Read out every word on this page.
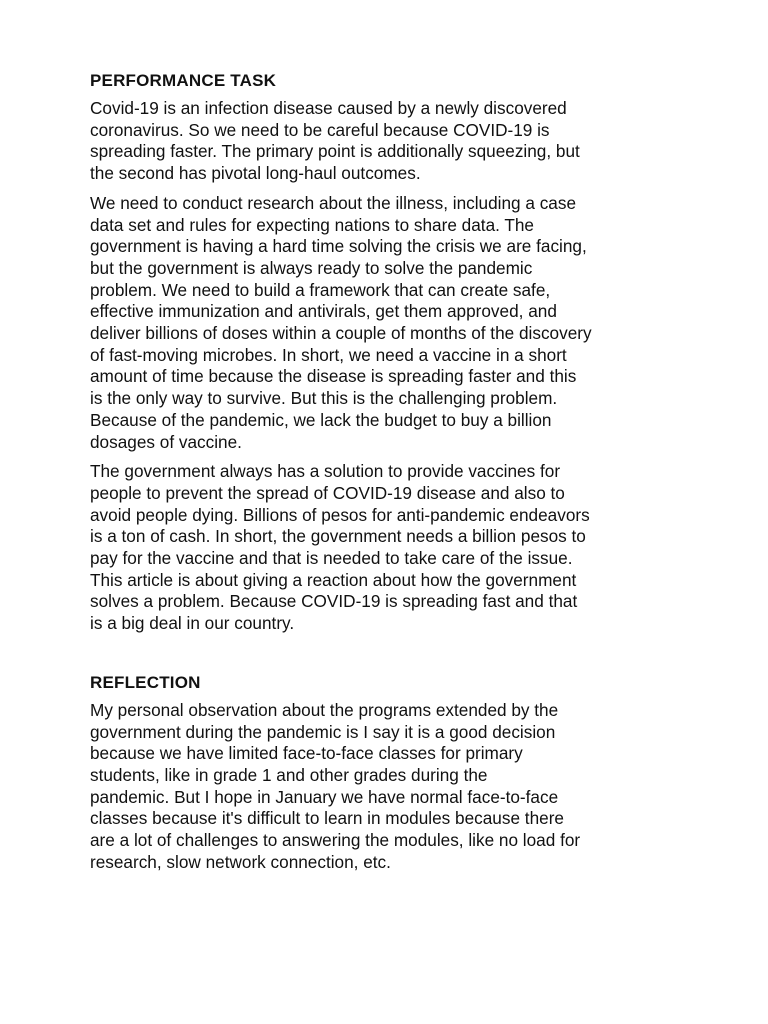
PERFORMANCE TASK

Covid-19 is an infection disease caused by a newly discovered
coronavirus. So we need to be careful because COVID-19 is
spreading faster. The primary point is additionally squeezing, but
the second has pivotal long-haul outcomes.

We need to conduct research about the illness, including a case
data set and rules for expecting nations to share data. The
government is having a hard time solving the crisis we are facing,
but the government is always ready to solve the pandemic
problem. We need to build a framework that can create safe,
effective immunization and antivirals, get them approved, and
deliver billions of doses within a couple of months of the discovery
of fast-moving microbes. In short, we need a vaccine in a short
amount of time because the disease is spreading faster and this
is the only way to survive. But this is the challenging problem.
Because of the pandemic, we lack the budget to buy a billion
dosages of vaccine.

The government always has a solution to provide vaccines for
people to prevent the spread of COVID-19 disease and also to
avoid people dying. Billions of pesos for anti-pandemic endeavors
is a ton of cash. In short, the government needs a billion pesos to
pay for the vaccine and that is needed to take care of the issue.
This article is about giving a reaction about how the government
solves a problem. Because COVID-19 is spreading fast and that
is a big deal in our country.

REFLECTION

My personal observation about the programs extended by the
government during the pandemic is I say it is a good decision
because we have limited face-to-face classes for primary
students, like in grade 1 and other grades during the
pandemic. But I hope in January we have normal face-to-face
classes because it's difficult to learn in modules because there
are a lot of challenges to answering the modules, like no load for
research, slow network connection, etc.
